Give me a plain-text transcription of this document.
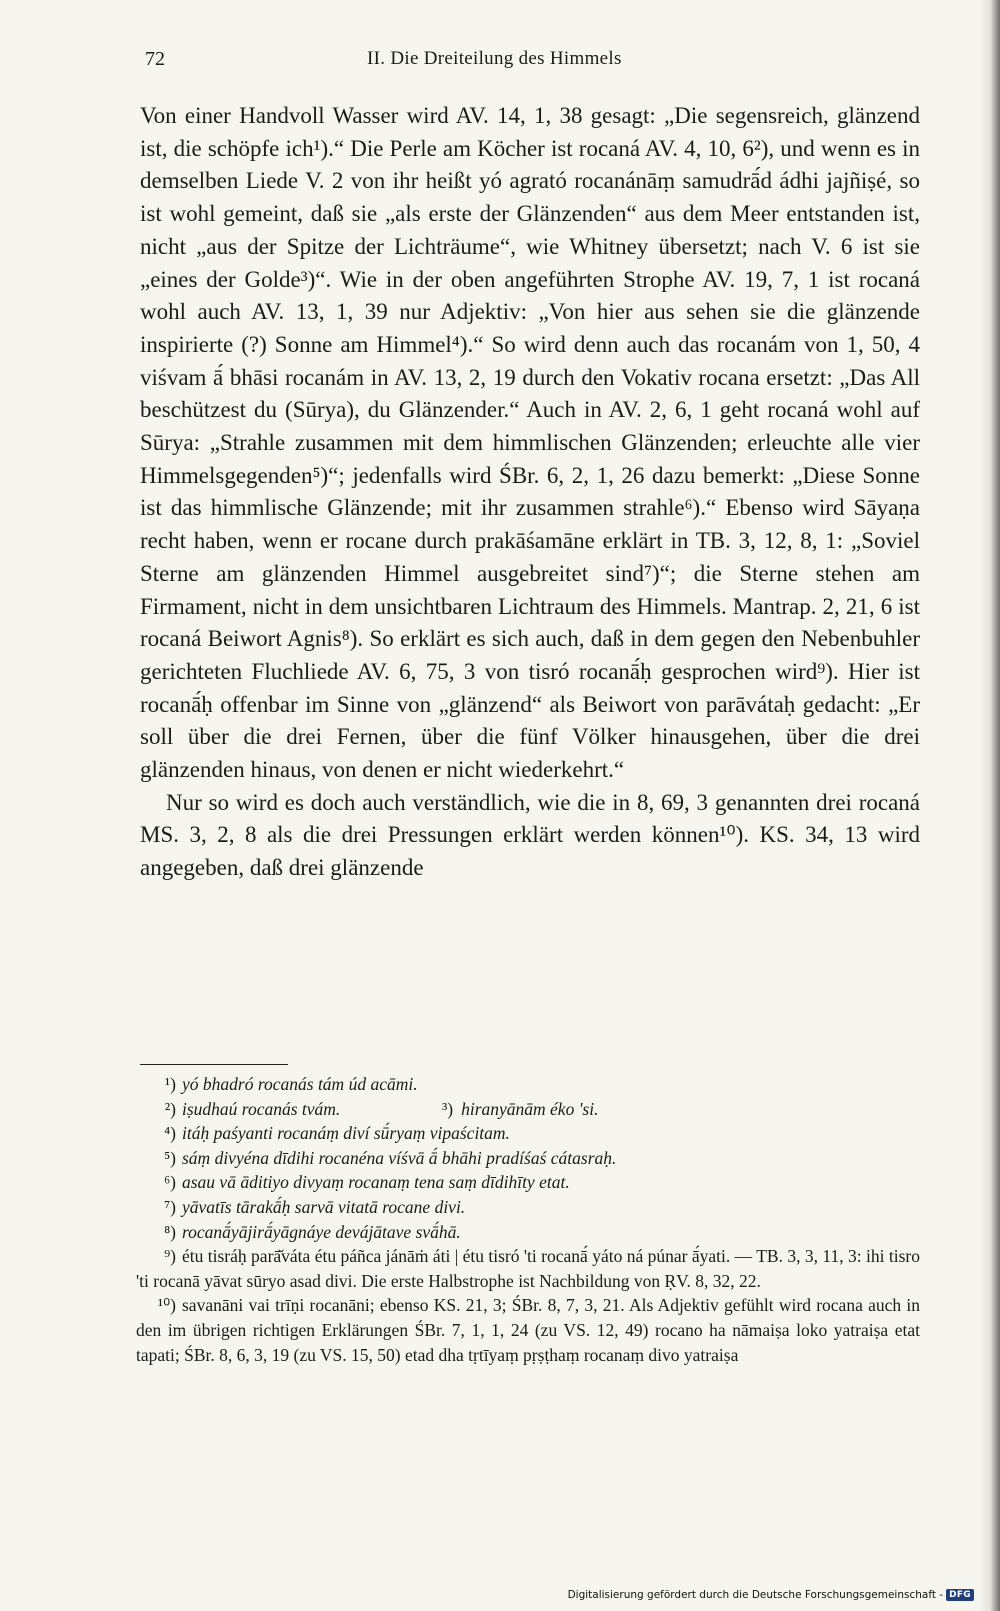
72	II. Die Dreiteilung des Himmels

Von einer Handvoll Wasser wird AV. 14, 1, 38 gesagt: „Die segensreich, glänzend ist, die schöpfe ich¹).“ Die Perle am Köcher ist rocaná AV. 4, 10, 6²), und wenn es in demselben Liede V. 2 von ihr heißt yó agrató rocanánāṃ samudrā́d ádhi jajñiṣé, so ist wohl gemeint, daß sie „als erste der Glänzenden“ aus dem Meer entstanden ist, nicht „aus der Spitze der Lichträume“, wie Whitney übersetzt; nach V. 6 ist sie „eines der Golde³)“. Wie in der oben angeführten Strophe AV. 19, 7, 1 ist rocaná wohl auch AV. 13, 1, 39 nur Adjektiv: „Von hier aus sehen sie die glänzende inspirierte (?) Sonne am Himmel⁴).“ So wird denn auch das rocanám von 1, 50, 4 viśvam ā́ bhāsi rocanám in AV. 13, 2, 19 durch den Vokativ rocana ersetzt: „Das All beschützest du (Sūrya), du Glänzender.“ Auch in AV. 2, 6, 1 geht rocaná wohl auf Sūrya: „Strahle zusammen mit dem himmlischen Glänzenden; erleuchte alle vier Himmelsgegenden⁵)“; jedenfalls wird ŚBr. 6, 2, 1, 26 dazu bemerkt: „Diese Sonne ist das himmlische Glänzende; mit ihr zusammen strahle⁶).“ Ebenso wird Sāyaṇa recht haben, wenn er rocane durch prakāśamāne erklärt in TB. 3, 12, 8, 1: „Soviel Sterne am glänzenden Himmel ausgebreitet sind⁷)“; die Sterne stehen am Firmament, nicht in dem unsichtbaren Lichtraum des Himmels. Mantrap. 2, 21, 6 ist rocaná Beiwort Agnis⁸). So erklärt es sich auch, daß in dem gegen den Nebenbuhler gerichteten Fluchliede AV. 6, 75, 3 von tisró rocanā́ḥ gesprochen wird⁹). Hier ist rocanā́ḥ offenbar im Sinne von „glänzend“ als Beiwort von parāvátaḥ gedacht: „Er soll über die drei Fernen, über die fünf Völker hinausgehen, über die drei glänzenden hinaus, von denen er nicht wiederkehrt.“

Nur so wird es doch auch verständlich, wie die in 8, 69, 3 genannten drei rocaná MS. 3, 2, 8 als die drei Pressungen erklärt werden können¹⁰). KS. 34, 13 wird angegeben, daß drei glänzende

¹) yó bhadró rocanás tám úd acāmi.

²) iṣudhaú rocanás tvám.	³) hiranyānām éko 'si.

⁴) itáḥ paśyanti rocanáṃ diví sū́ryaṃ vipaścitam.

⁵) sáṃ divyéna dīdihi rocanéna víśvā ā́ bhāhi pradíśaś cátasraḥ.

⁶) asau vā āditiyo divyaṃ rocanaṃ tena saṃ dīdihīty etat.

⁷) yāvatīs tārakā́ḥ sarvā vitatā rocane divi.

⁸) rocanā́yājirā́yāgnáye devájātave svā́hā.

⁹) étu tisráḥ parā̆váta étu páñca jánāṁ áti | étu tisró 'ti rocanā́ yáto ná púnar ā́yati. — TB. 3, 3, 11, 3: ihi tisro 'ti rocanā yāvat sūryo asad divi. Die erste Halbstrophe ist Nachbildung von ṚV. 8, 32, 22.

¹⁰) savanāni vai trīṇi rocanāni; ebenso KS. 21, 3; ŚBr. 8, 7, 3, 21. Als Adjektiv gefühlt wird rocana auch in den im übrigen richtigen Erklärungen ŚBr. 7, 1, 1, 24 (zu VS. 12, 49) rocano ha nāmaiṣa loko yatraiṣa etat tapati; ŚBr. 8, 6, 3, 19 (zu VS. 15, 50) etad dha tṛtīyaṃ pṛṣṭhaṃ rocanaṃ divo yatraiṣa

Digitalisierung gefördert durch die Deutsche Forschungsgemeinschaft - DFG
